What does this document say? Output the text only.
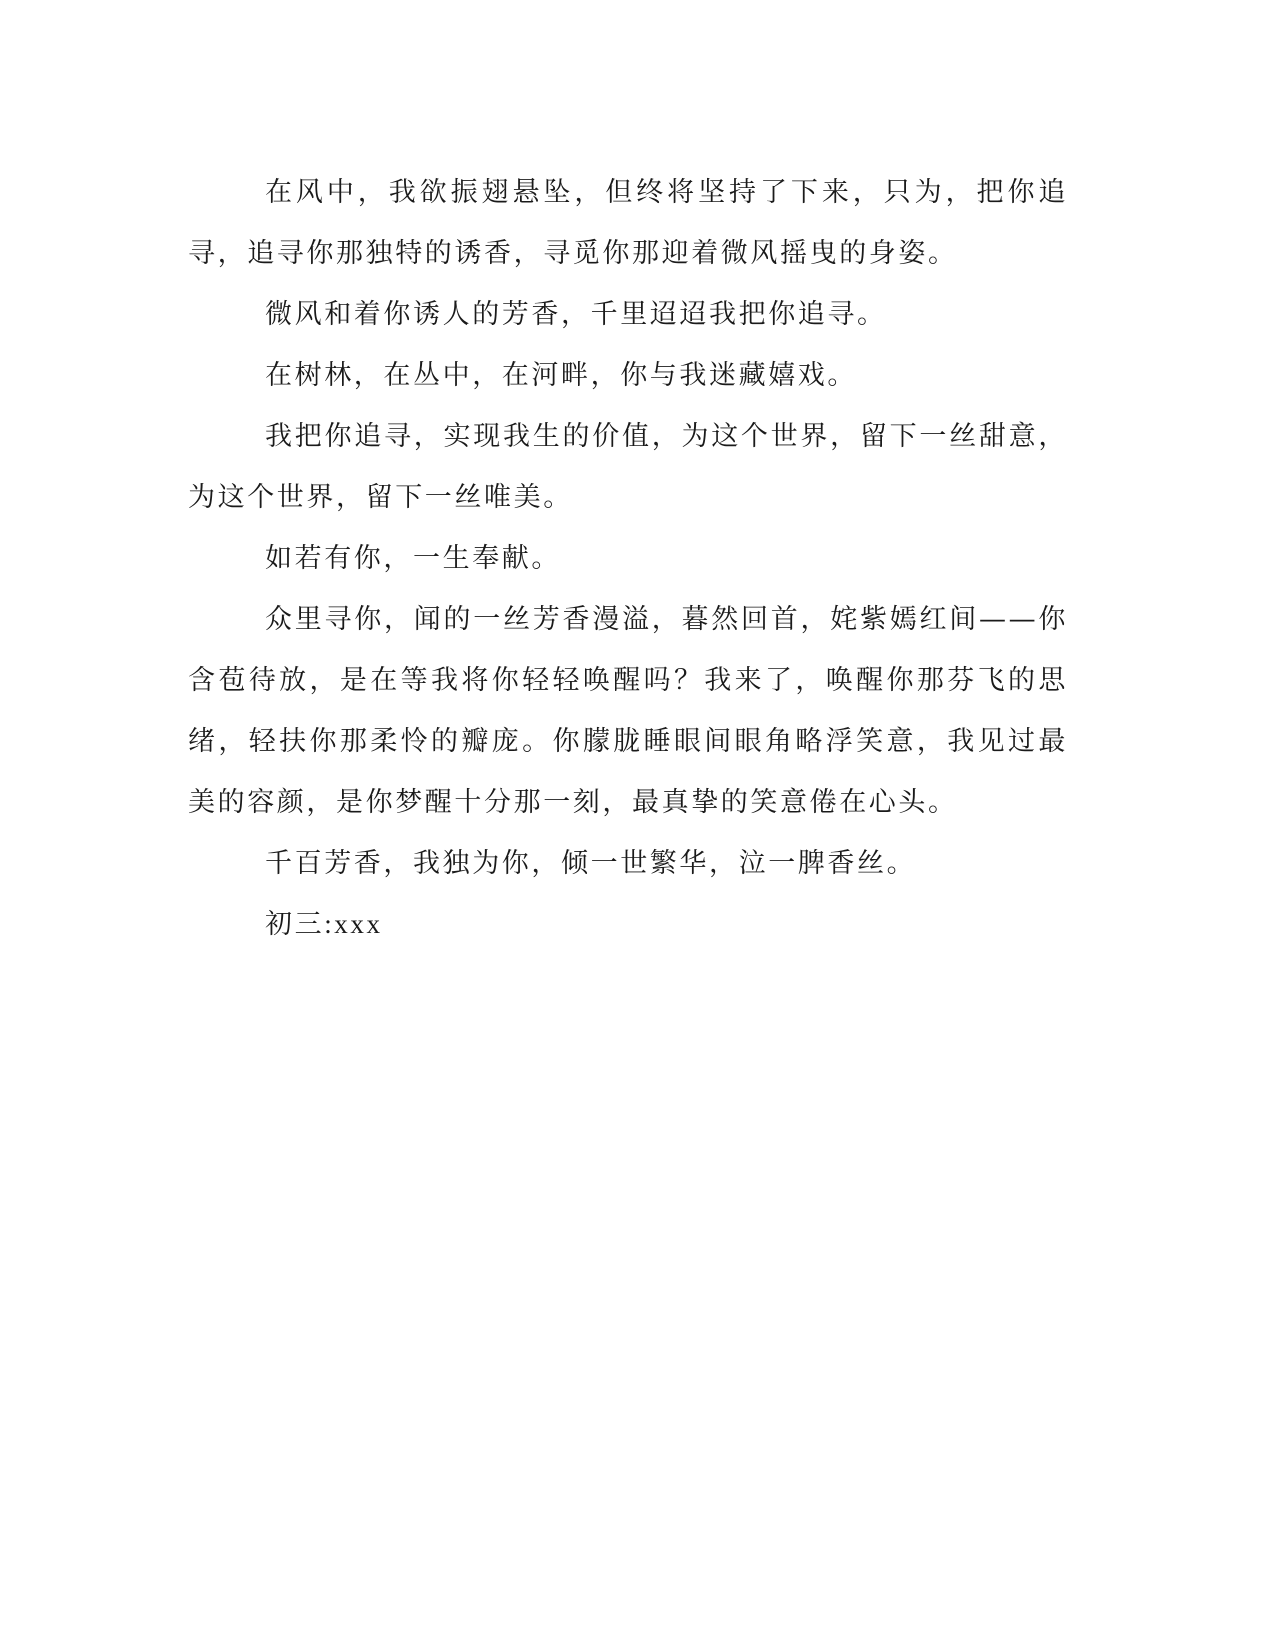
在风中，我欲振翅悬坠，但终将坚持了下来，只为，把你追寻，追寻你那独特的诱香，寻觅你那迎着微风摇曳的身姿。

微风和着你诱人的芳香，千里迢迢我把你追寻。

在树林，在丛中，在河畔，你与我迷藏嬉戏。

我把你追寻，实现我生的价值，为这个世界，留下一丝甜意，为这个世界，留下一丝唯美。

如若有你，一生奉献。

众里寻你，闻的一丝芳香漫溢，暮然回首，姹紫嫣红间——你含苞待放，是在等我将你轻轻唤醒吗？我来了，唤醒你那芬飞的思绪，轻扶你那柔怜的瓣庞。你朦胧睡眼间眼角略浮笑意，我见过最美的容颜，是你梦醒十分那一刻，最真挚的笑意倦在心头。

千百芳香，我独为你，倾一世繁华，泣一脾香丝。

初三:xxx
